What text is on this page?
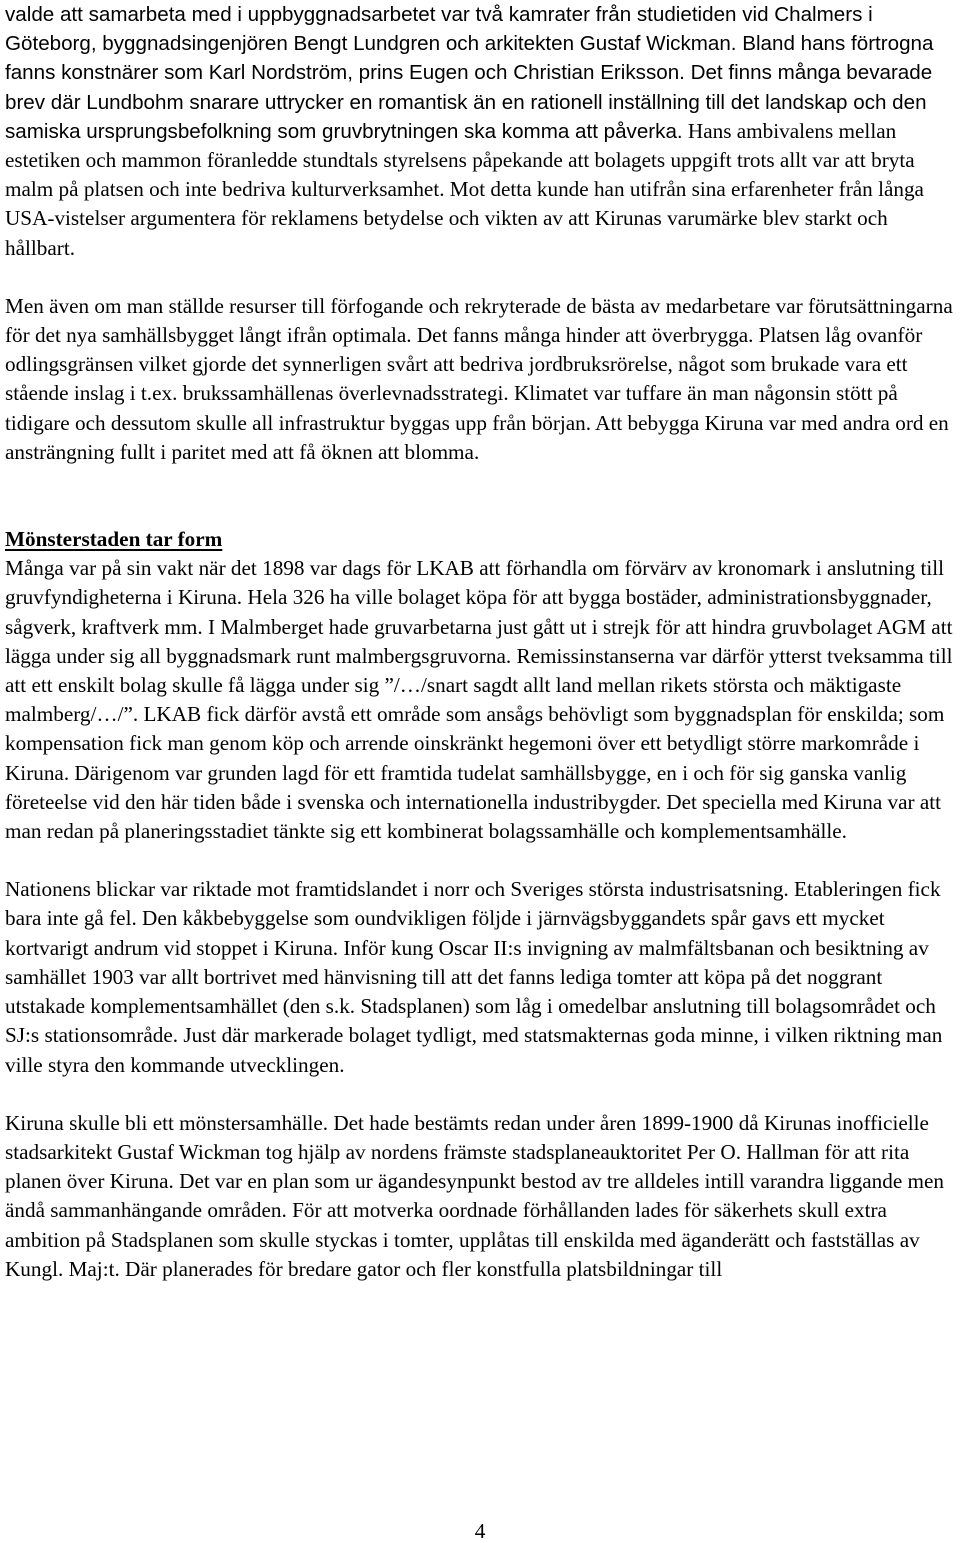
valde att samarbeta med i uppbyggnadsarbetet var två kamrater från studietiden vid Chalmers i Göteborg, byggnadsingenjören Bengt Lundgren och arkitekten Gustaf Wickman. Bland hans förtrogna fanns konstnärer som Karl Nordström, prins Eugen och Christian Eriksson. Det finns många bevarade brev där Lundbohm snarare uttrycker en romantisk än en rationell inställning till det landskap och den samiska ursprungsbefolkning som gruvbrytningen ska komma att påverka. Hans ambivalens mellan estetiken och mammon föranledde stundtals styrelsens påpekande att bolagets uppgift trots allt var att bryta malm på platsen och inte bedriva kulturverksamhet. Mot detta kunde han utifrån sina erfarenheter från långa USA-vistelser argumentera för reklamens betydelse och vikten av att Kirunas varumärke blev starkt och hållbart.

Men även om man ställde resurser till förfogande och rekryterade de bästa av medarbetare var förutsättningarna för det nya samhällsbygget långt ifrån optimala. Det fanns många hinder att överbrygga. Platsen låg ovanför odlingsgränsen vilket gjorde det synnerligen svårt att bedriva jordbruksrörelse, något som brukade vara ett stående inslag i t.ex. brukssamhällenas överlevnadsstrategi. Klimatet var tuffare än man någonsin stött på tidigare och dessutom skulle all infrastruktur byggas upp från början. Att bebygga Kiruna var med andra ord en ansträngning fullt i paritet med att få öknen att blomma.

Mönsterstaden tar form

Många var på sin vakt när det 1898 var dags för LKAB att förhandla om förvärv av kronomark i anslutning till gruvfyndigheterna i Kiruna. Hela 326 ha ville bolaget köpa för att bygga bostäder, administrationsbyggnader, sågverk, kraftverk mm. I Malmberget hade gruvarbetarna just gått ut i strejk för att hindra gruvbolaget AGM att lägga under sig all byggnadsmark runt malmbergsgruvorna. Remissinstanserna var därför ytterst tveksamma till att ett enskilt bolag skulle få lägga under sig ”/…/snart sagdt allt land mellan rikets största och mäktigaste malmberg/…/”. LKAB fick därför avstå ett område som ansågs behövligt som byggnadsplan för enskilda; som kompensation fick man genom köp och arrende oinskränkt hegemoni över ett betydligt större markområde i Kiruna. Därigenom var grunden lagd för ett framtida tudelat samhällsbygge, en i och för sig ganska vanlig företeelse vid den här tiden både i svenska och internationella industribygder. Det speciella med Kiruna var att man redan på planeringsstadiet tänkte sig ett kombinerat bolagssamhälle och komplementsamhälle.

Nationens blickar var riktade mot framtidslandet i norr och Sveriges största industrisatsning. Etableringen fick bara inte gå fel. Den kåkbebyggelse som oundvikligen följde i järnvägsbyggandets spår gavs ett mycket kortvarigt andrum vid stoppet i Kiruna. Inför kung Oscar II:s invigning av malmfältsbanan och besiktning av samhället 1903 var allt bortrivet med hänvisning till att det fanns lediga tomter att köpa på det noggrant utstakade komplementsamhället (den s.k. Stadsplanen) som låg i omedelbar anslutning till bolagsområdet och SJ:s stationsområde. Just där markerade bolaget tydligt, med statsmakternas goda minne, i vilken riktning man ville styra den kommande utvecklingen.

Kiruna skulle bli ett mönstersamhälle. Det hade bestämts redan under åren 1899-1900 då Kirunas inofficielle stadsarkitekt Gustaf Wickman tog hjälp av nordens främste stadsplaneauktoritet Per O. Hallman för att rita planen över Kiruna. Det var en plan som ur ägandesynpunkt bestod av tre alldeles intill varandra liggande men ändå sammanhängande områden. För att motverka oordnade förhållanden lades för säkerhets skull extra ambition på Stadsplanen som skulle styckas i tomter, upplåtas till enskilda med äganderätt och fastställas av Kungl. Maj:t. Där planerades för bredare gator och fler konstfulla platsbildningar till

4
